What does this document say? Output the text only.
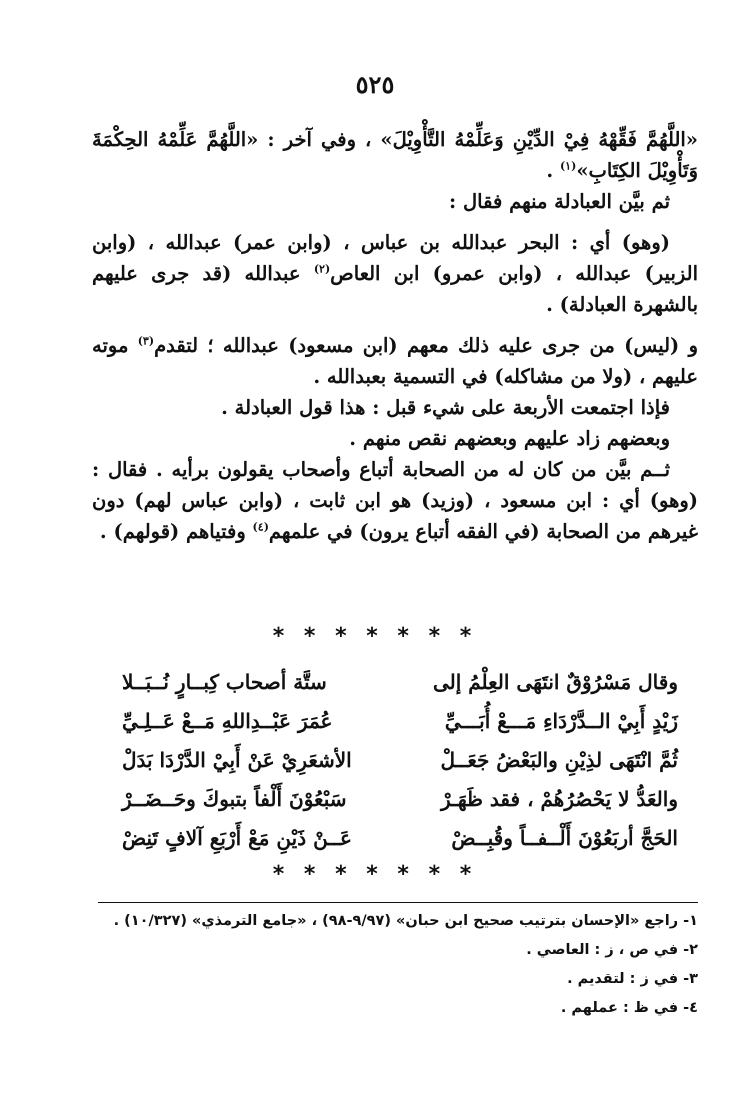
٥٢٥

«اللَّهُمَّ فَقِّهْهُ فِيْ الدِّيْنِ وَعَلِّمْهُ التَّأْوِيْلَ» ، وفي آخر : «اللَّهُمَّ عَلِّمْهُ الحِكْمَةَ وَتَأْوِيْلَ الكِتَابِ»$^{(١)}$ .

ثم بيَّن العبادلة منهم فقال :

(وهو) أي : البحر عبدالله بن عباس ، (وابن عمر) عبدالله ، (وابن الزبير) عبدالله ، (وابن عمرو) ابن العاص$^{(٢)}$ عبدالله (قد جرى عليهم بالشهرة العبادلة) .

و (ليس) من جرى عليه ذلك معهم (ابن مسعود) عبدالله ؛ لتقدم$^{(٣)}$ موته عليهم ، (ولا من مشاكله) في التسمية بعبدالله .

فإذا اجتمعت الأربعة على شيء قبل : هذا قول العبادلة .

وبعضهم زاد عليهم وبعضهم نقص منهم .

ثــم بيَّن من كان له من الصحابة أتباع وأصحاب يقولون برأيه . فقال : (وهو) أي : ابن مسعود ، (وزيد) هو ابن ثابت ، (وابن عباس لهم) دون غيرهم من الصحابة (في الفقه أتباع يرون) في علمهم$^{(٤)}$ وفتياهم (قولهم) .

* * * * * * *
وقال مَسْرُوْقٌ انتَهَى العِلْمُ إلى
ستَّة أصحاب كِبــارٍ نُــبَــلا
زَيْدٍ أَبِيْ الــدَّرْدَاءِ مَـــعْ أُبَـــيِّ
عُمَرَ عَبْــدِاللهِ مَــعْ عَــلِـيِّ
ثُمَّ انْتَهَى لذِيْنِ والبَعْضُ جَعَــلْ
الأشعَرِيْ عَنْ أَبِيْ الدَّرْدَا بَدَلْ
والعَدُّ لا يَحْصُرُهُمْ ، فقد ظَهَـرْ
سَبْعُوْنَ أَلْفاً بتبوكَ وحَــضَــرْ
الحَجَّ أربَعُوْنَ أَلْــفــاً وقُبِــضْ
عَــنْ ذَيْنِ مَعْ أَرْبَعِ آلافٍ تَنِضْ
* * * * * * *
١- راجع «الإحسان بترتيب صحيح ابن حبان» (٩/٩٧-٩٨) ، «جامع الترمذي» (١٠/٣٢٧) .
٢- في ص ، ز : العاصي .
٣- في ز : لتقديم .
٤- في ظ : عملهم .
